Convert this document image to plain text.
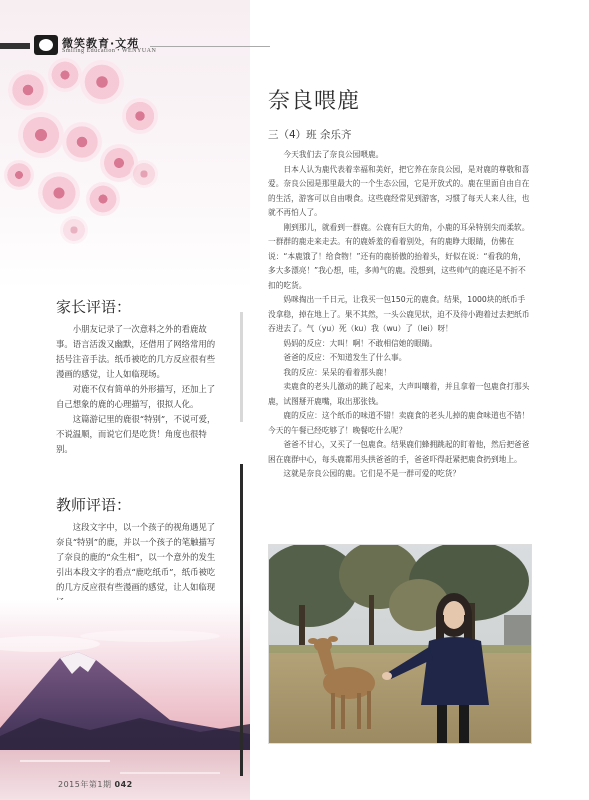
微笑教育·文苑
Smiling Education • WENYUAN
家长评语：

小朋友记录了一次意料之外的看鹿故事。语言活泼又幽默，还借用了网络常用的括号注音手法。纸币被吃的几方反应很有些漫画的感觉，让人如临现场。

对鹿不仅有简单的外形描写，还加上了自己想象的鹿的心理描写，很拟人化。

这篇游记里的鹿很“特别”，不说可爱，不说温顺，而说它们是吃货！角度也很特别。

教师评语：

这段文字中，以一个孩子的视角遇见了奈良“特别”的鹿，并以一个孩子的笔触描写了奈良的鹿的“众生相”，以一个意外的发生引出本段文字的看点“鹿吃纸币”，纸币被吃的几方反应很有些漫画的感觉，让人如临现

奈良喂鹿
三（4）班 余乐齐

今天我们去了奈良公园喂鹿。

日本人认为鹿代表着幸福和美好，把它养在奈良公园，是对鹿的尊敬和喜爱。奈良公园是那里最大的一个生态公园，它是开放式的。鹿在里面自由自在的生活，游客可以自由喂食。这些鹿经常见到游客，习惯了每天人来人往，也就不再怕人了。

刚到那儿，就看到一群鹿。公鹿有巨大的角，小鹿的耳朵特别尖而柔软。一群群的鹿走来走去。有的鹿娇羞的看着别处，有的鹿睁大眼睛，仿佛在说：“本鹿饿了！给食物！”还有的鹿骄傲的抬着头，好似在说：“看我的角，多大多漂亮！”我心想，哇，多帅气的鹿。没想到，这些帅气的鹿还是不折不扣的吃货。

妈咪掏出一千日元，让我买一包150元的鹿食。结果，1000块的纸币手没拿稳，掉在地上了。果不其然，一头公鹿见状，迫不及待小跑着过去把纸币吞进去了。气（yu）死（ku）我（wu）了（lei）呀！

妈妈的反应：大叫！啊！不敢相信她的眼睛。

爸爸的反应：不知道发生了什么事。

我的反应：呆呆的看着那头鹿！

卖鹿食的老头儿激动的跳了起来，大声叫嚷着，并且拿着一包鹿食打那头鹿，试图掰开鹿嘴，取出那张钱。

鹿的反应：这个纸币的味道不错！卖鹿食的老头儿掉的鹿食味道也不错！今天的午餐已经吃够了！晚餐吃什么呢？

爸爸不甘心，又买了一包鹿食。结果鹿们蜂拥跳起的盯着他，然后把爸爸困在鹿群中心，每头鹿都用头拱爸爸的手，爸爸吓得赶紧把鹿食扔到地上。

这就是奈良公园的鹿。它们是不是一群可爱的吃货？

2015年第1期 042
